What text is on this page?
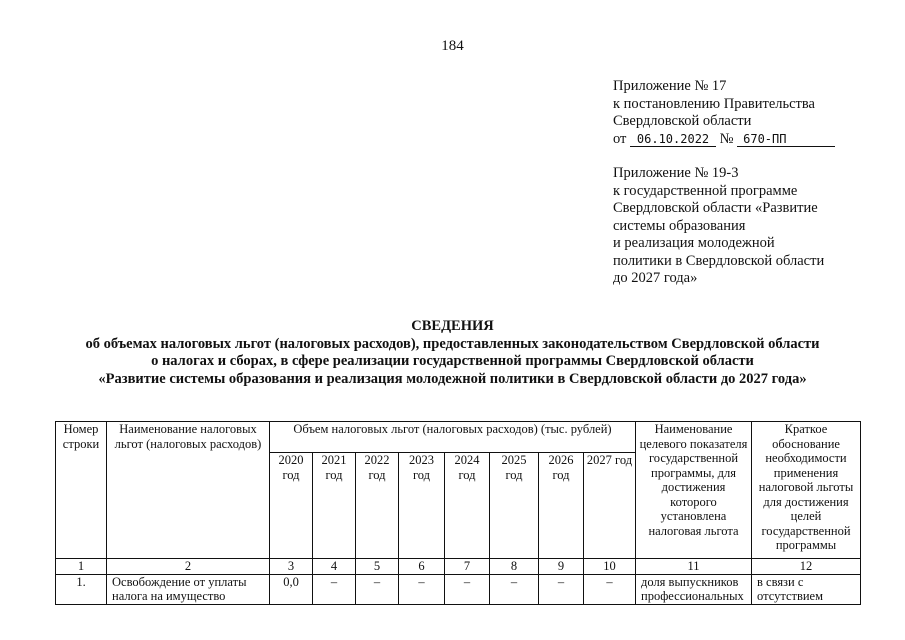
184
Приложение № 17
к постановлению Правительства
Свердловской области
от 06.10.2022 № 670-ПП
Приложение № 19-3
к государственной программе
Свердловской области «Развитие
системы образования
и реализация молодежной
политики в Свердловской области
до 2027 года»
СВЕДЕНИЯ
об объемах налоговых льгот (налоговых расходов), предоставленных законодательством Свердловской области
о налогах и сборах, в сфере реализации государственной программы Свердловской области
«Развитие системы образования и реализация молодежной политики в Свердловской области до 2027 года»
Номер строки	Наименование налоговых льгот (налоговых расходов)	Объем налоговых льгот (налоговых расходов) (тыс. рублей)								Наименование целевого показателя государственной программы, для достижения которого установлена налоговая льгота	Краткое обоснование необходимости применения налоговой льготы для достижения целей государственной программы
		2020 год	2021 год	2022 год	2023 год	2024 год	2025 год	2026 год	2027 год		
1	2	3	4	5	6	7	8	9	10	11	12
1.	Освобождение от уплаты налога на имущество	0,0	–	–	–	–	–	–	–	доля выпускников профессиональных	в связи с отсутствием
